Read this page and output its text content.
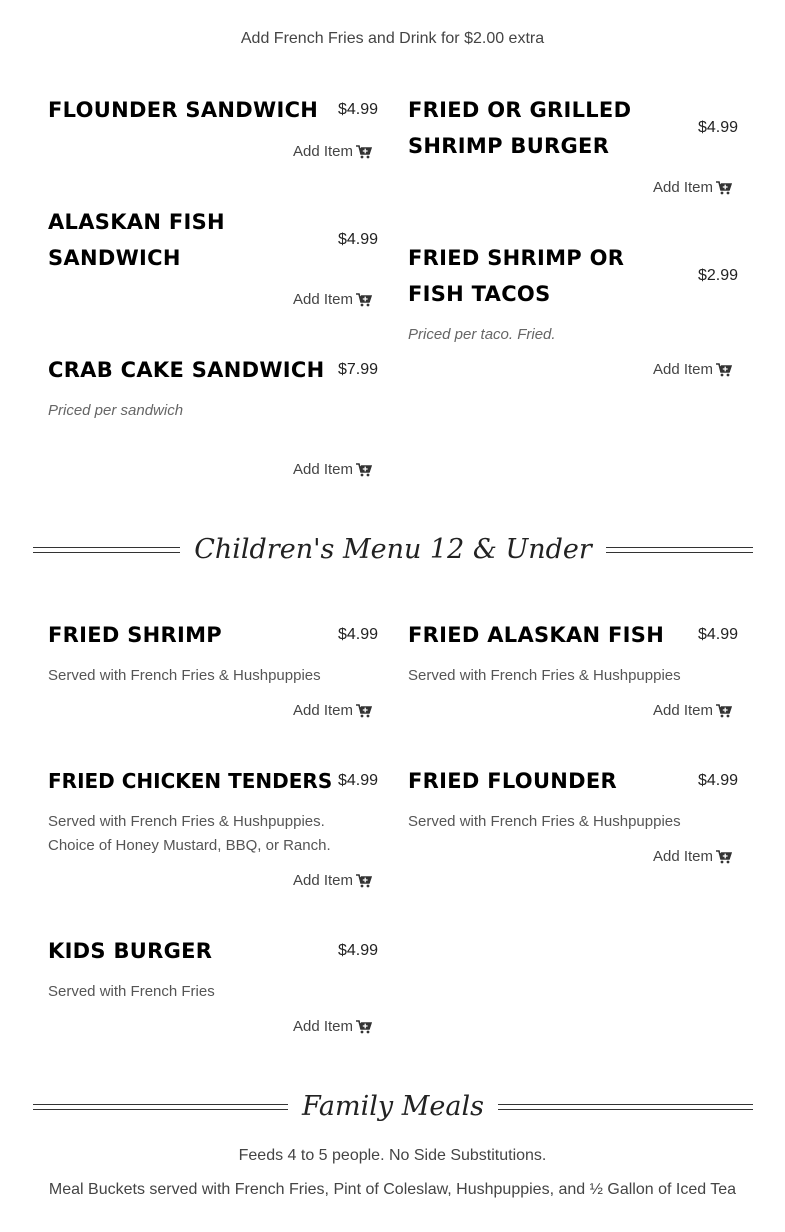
Add French Fries and Drink for $2.00 extra
FLOUNDER SANDWICH	$4.99
Add Item
FRIED OR GRILLED SHRIMP BURGER
$4.99
Add Item
ALASKAN FISH SANDWICH
$4.99
Add Item
FRIED SHRIMP OR FISH TACOS
$2.99
Priced per taco. Fried.
Add Item
CRAB CAKE SANDWICH $7.99
Priced per sandwich
Add Item
Children's Menu 12 & Under
FRIED SHRIMP	$4.99
Served with French Fries & Hushpuppies
Add Item
FRIED ALASKAN FISH	$4.99
Served with French Fries & Hushpuppies
Add Item
FRIED CHICKEN TENDERS $4.99
Served with French Fries & Hushpuppies. Choice of Honey Mustard, BBQ, or Ranch.
Add Item
FRIED FLOUNDER	$4.99
Served with French Fries & Hushpuppies
Add Item
KIDS BURGER	$4.99
Served with French Fries
Add Item
Family Meals
Feeds 4 to 5 people. No Side Substitutions.
Meal Buckets served with French Fries, Pint of Coleslaw, Hushpuppies, and ½ Gallon of Iced Tea
